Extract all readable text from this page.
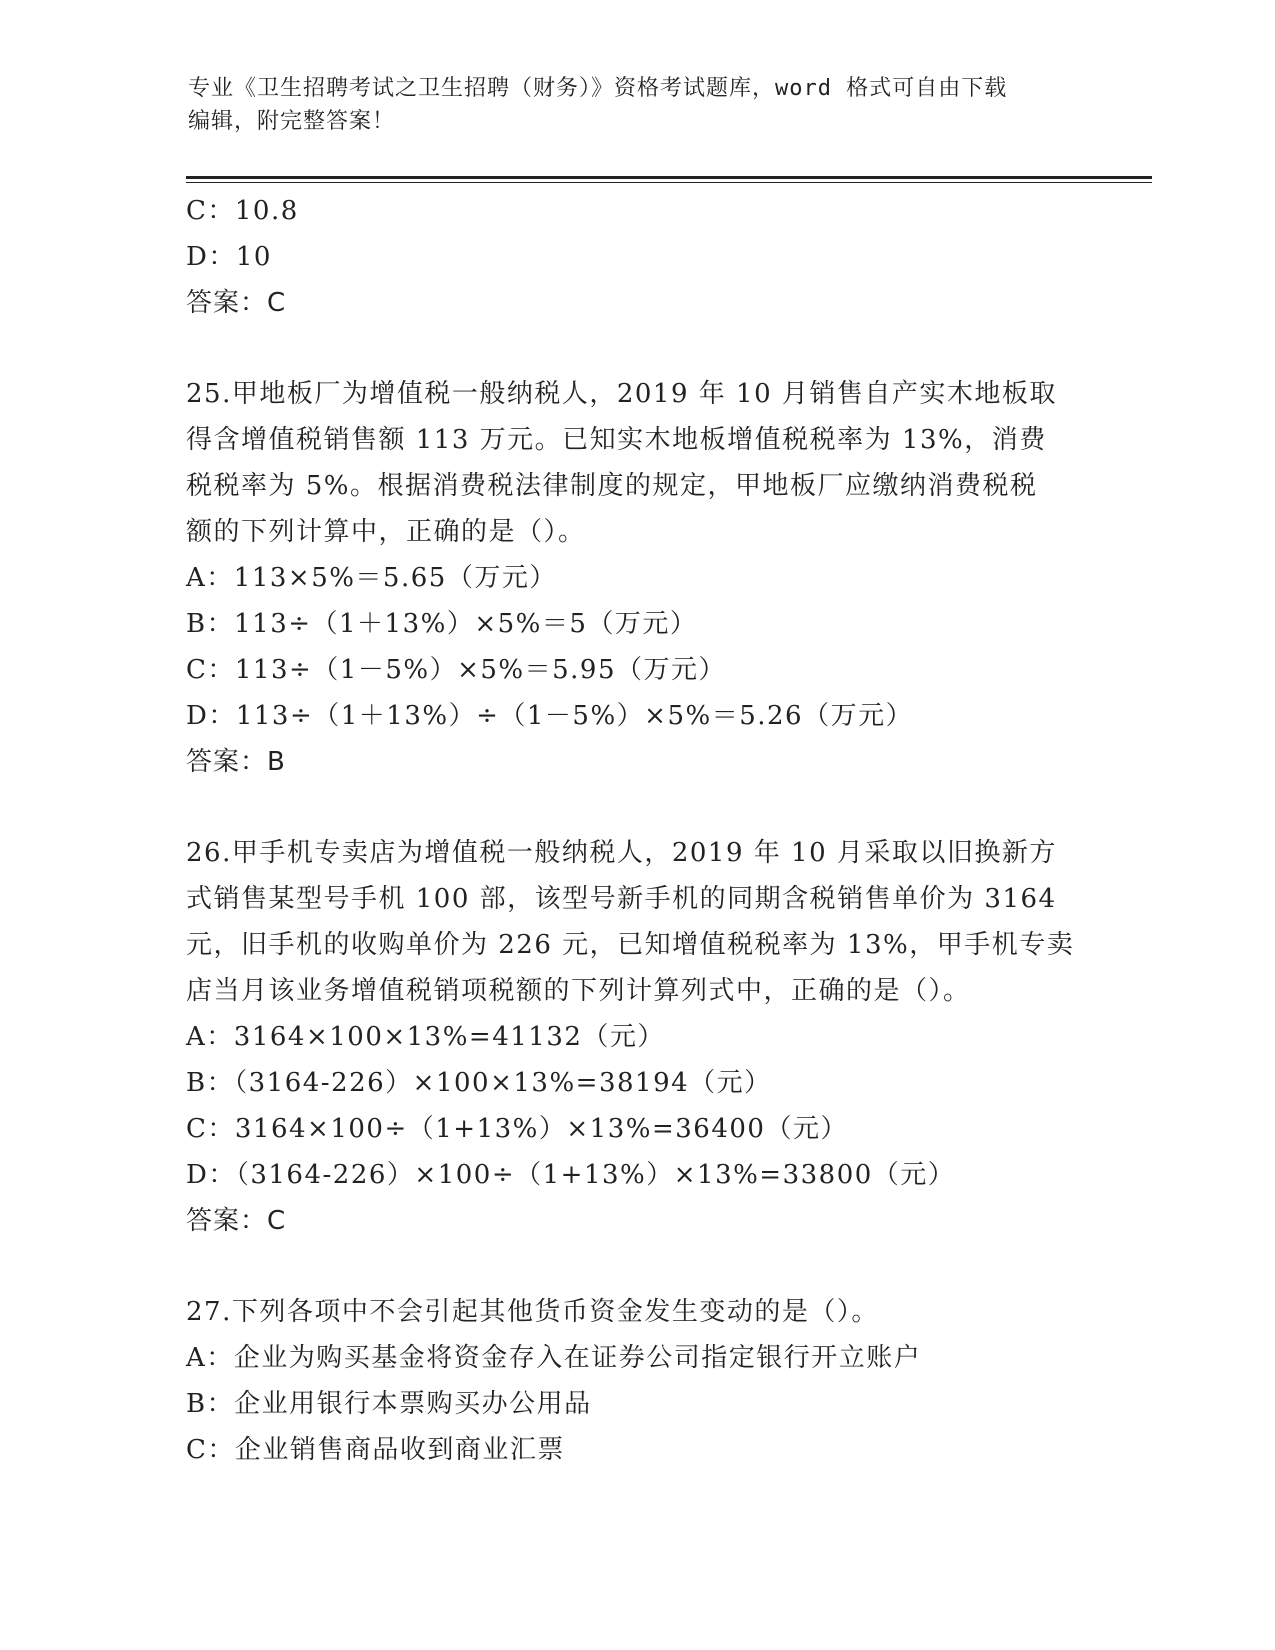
专业《卫生招聘考试之卫生招聘（财务）》资格考试题库，word 格式可自由下载
编辑，附完整答案！
C：10.8
D：10
答案：C
25.甲地板厂为增值税一般纳税人，2019 年 10 月销售自产实木地板取
得含增值税销售额 113 万元。已知实木地板增值税税率为 13%，消费
税税率为 5%。根据消费税法律制度的规定，甲地板厂应缴纳消费税税
额的下列计算中，正确的是（）。
A：113×5%＝5.65（万元）
B：113÷（1＋13%）×5%＝5（万元）
C：113÷（1－5%）×5%＝5.95（万元）
D：113÷（1＋13%）÷（1－5%）×5%＝5.26（万元）
答案：B
26.甲手机专卖店为增值税一般纳税人，2019 年 10 月采取以旧换新方
式销售某型号手机 100 部，该型号新手机的同期含税销售单价为 3164
元，旧手机的收购单价为 226 元，已知增值税税率为 13%，甲手机专卖
店当月该业务增值税销项税额的下列计算列式中，正确的是（）。
A：3164×100×13%=41132（元）
B：（3164-226）×100×13%=38194（元）
C：3164×100÷（1+13%）×13%=36400（元）
D：（3164-226）×100÷（1+13%）×13%=33800（元）
答案：C
27.下列各项中不会引起其他货币资金发生变动的是（）。
A：企业为购买基金将资金存入在证券公司指定银行开立账户
B：企业用银行本票购买办公用品
C：企业销售商品收到商业汇票
